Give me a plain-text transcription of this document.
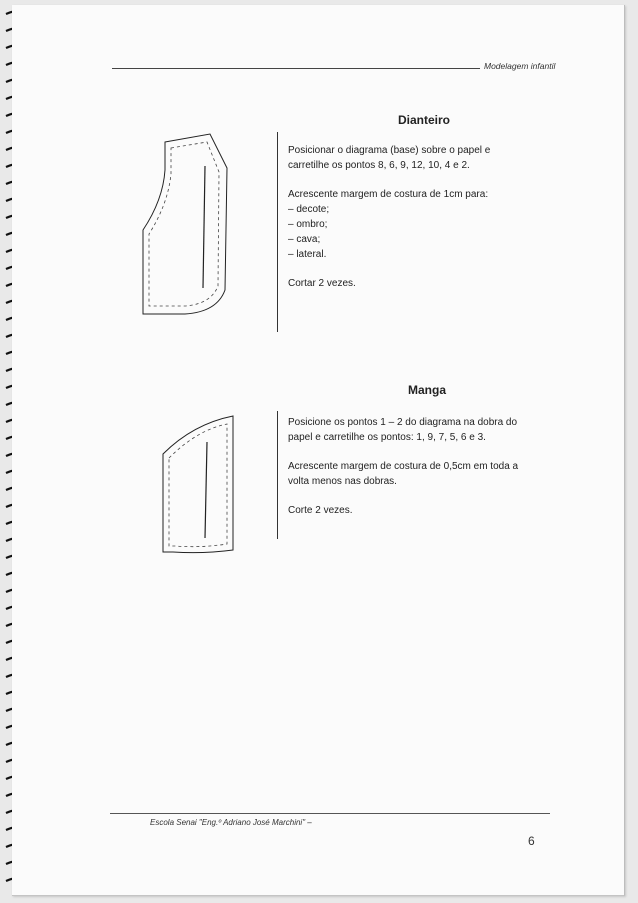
Modelagem infantil
Dianteiro

Posicionar o diagrama (base) sobre o papel e

carretilhe os pontos 8, 6, 9, 12, 10, 4 e 2.

Acrescente margem de costura de 1cm para:

– decote;

– ombro;

– cava;

– lateral.

Cortar 2 vezes.

Manga

Posicione os pontos 1 – 2 do diagrama na dobra do

papel e carretilhe os pontos: 1, 9, 7, 5, 6 e 3.

Acrescente margem de costura de 0,5cm em toda a

volta menos nas dobras.

Corte 2 vezes.

Escola Senai "Eng.º Adriano José Marchini" –
6
